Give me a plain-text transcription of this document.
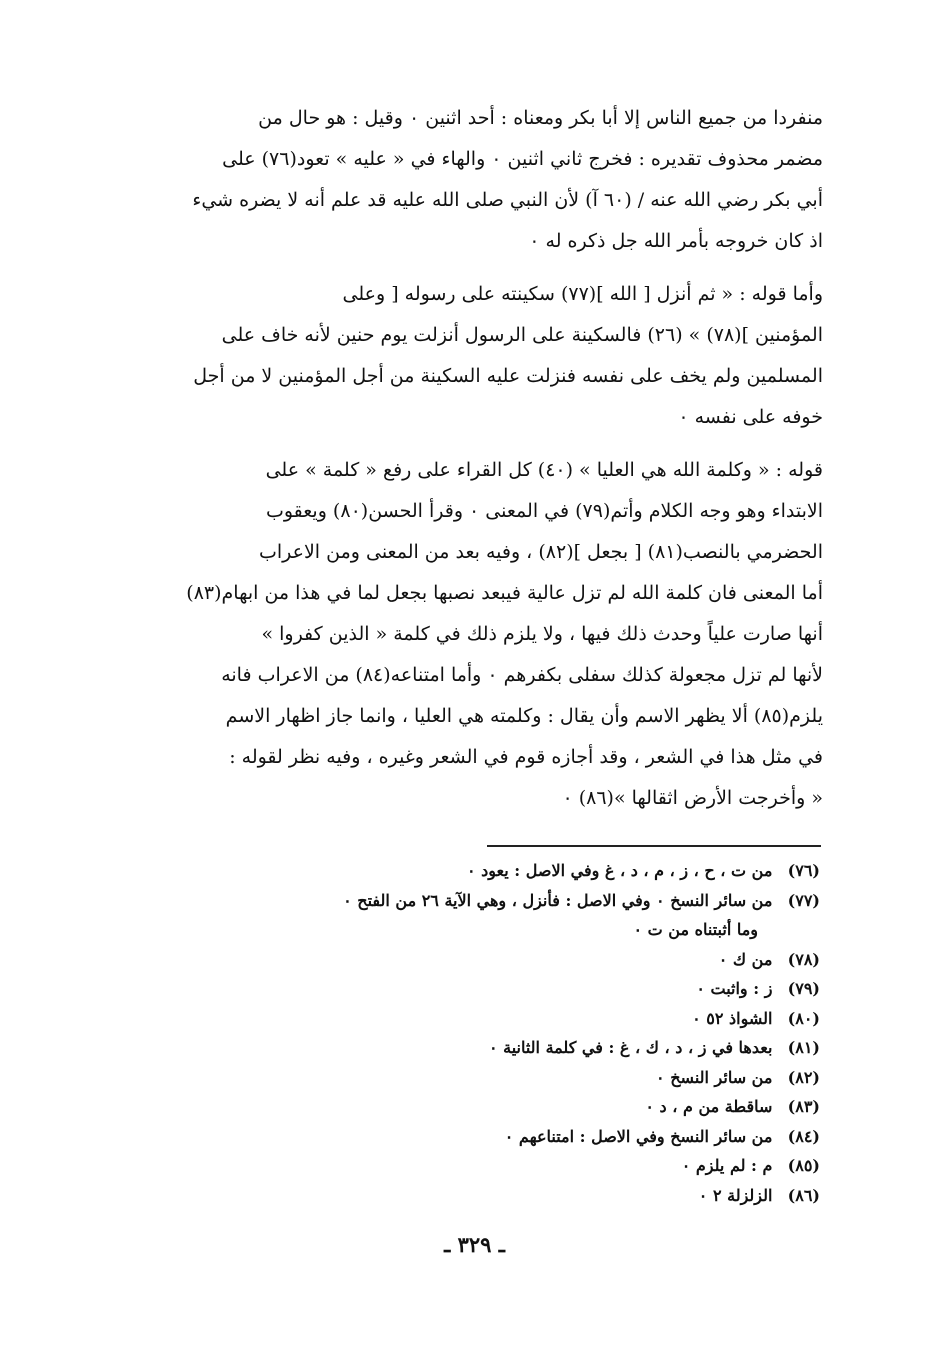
منفردا من جميع الناس إلا أبا بكر ومعناه : أحد اثنين ٠ وقيل : هو حال من
مضمر محذوف تقديره : فخرج ثاني اثنين ٠ والهاء في « عليه » تعود(٧٦) على
أبي بكر رضي الله عنه / (٦٠ آ) لأن النبي صلى الله عليه قد علم أنه لا يضره شيء
اذ كان خروجه بأمر الله جل ذكره له ٠

وأما قوله : « ثم أنزل [ الله ](٧٧) سكينته على رسوله [ وعلى
المؤمنين ](٧٨) » (٢٦) فالسكينة على الرسول أنزلت يوم حنين لأنه خاف على
المسلمين ولم يخف على نفسه فنزلت عليه السكينة من أجل المؤمنين لا من أجل
خوفه على نفسه ٠

قوله : « وكلمة الله هي العليا » (٤٠) كل القراء على رفع « كلمة » على
الابتداء وهو وجه الكلام وأتم(٧٩) في المعنى ٠ وقرأ الحسن(٨٠) ويعقوب
الحضرمي بالنصب(٨١) [ بجعل ](٨٢) ، وفيه بعد من المعنى ومن الاعراب
أما المعنى فان كلمة الله لم تزل عالية فيبعد نصبها بجعل لما في هذا من ابهام(٨٣)
أنها صارت علياً وحدث ذلك فيها ، ولا يلزم ذلك في كلمة « الذين كفروا »
لأنها لم تزل مجعولة كذلك سفلى بكفرهم ٠ وأما امتناعه(٨٤) من الاعراب فانه
يلزم(٨٥) ألا يظهر الاسم وأن يقال : وكلمته هي العليا ، وانما جاز اظهار الاسم
في مثل هذا في الشعر ، وقد أجازه قوم في الشعر وغيره ، وفيه نظر لقوله :
« وأخرجت الأرض اثقالها »(٨٦) ٠

(٧٦) من ت ، ح ، ز ، م ، د ، غ وفي الاصل : يعود ٠
(٧٧) من سائر النسخ ٠ وفي الاصل : فأنزل ، وهي الآية ٢٦ من الفتح ٠
وما أثبتناه من ت ٠
(٧٨) من ك ٠
(٧٩) ز : واثبت ٠
(٨٠) الشواذ ٥٢ ٠
(٨١) بعدها في ز ، د ، ك ، غ : في كلمة الثانية ٠
(٨٢) من سائر النسخ ٠
(٨٣) ساقطة من م ، د ٠
(٨٤) من سائر النسخ وفي الاصل : امتناعهم ٠
(٨٥) م : لم يلزم ٠
(٨٦) الزلزلة ٢ ٠
ـ ٣٢٩ ـ
